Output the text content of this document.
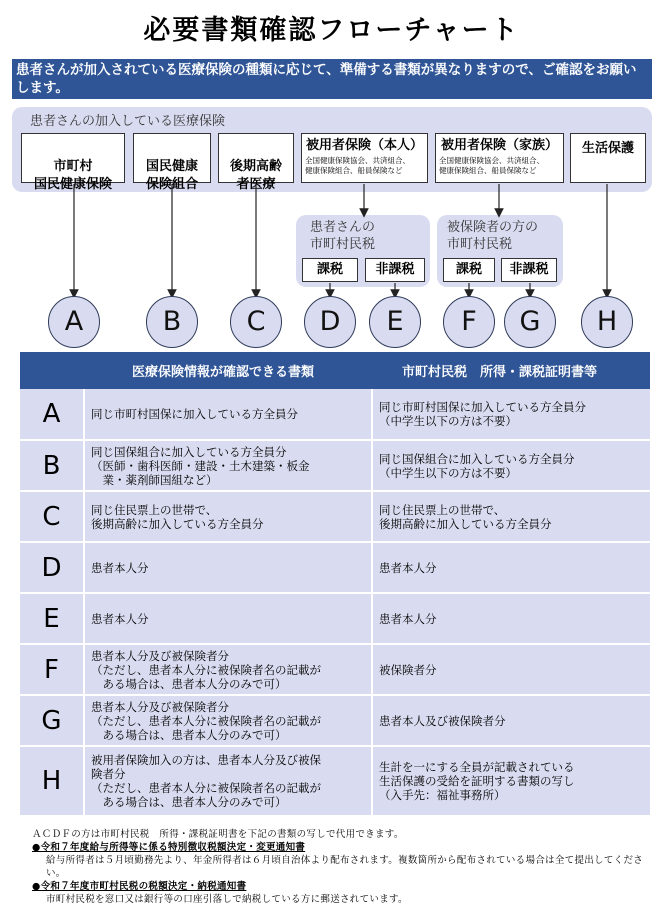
必要書類確認フローチャート
患者さんが加入されている医療保険の種類に応じて、準備する書類が異なりますので、ご確認をお願いします。
患者さんの加入している医療保険

市町村
国民健康保険

国民健康
保険組合

後期高齢
者医療

被用者保険（本人）
全国健康保険協会、共済組合、
健康保険組合、船員保険など
被用者保険（家族）
全国健康保険協会、共済組合、
健康保険組合、船員保険など
生活保護
患者さんの
市町村民税
課税	非課税
被保険者の方の
市町村民税
課税	非課税
A	B	C	D	E	F	G	H
	医療保険情報が確認できる書類	市町村民税　所得・課税証明書等
A	同じ市町村国保に加入している方全員分	同じ市町村国保に加入している方全員分
（中学生以下の方は不要）
B	同じ国保組合に加入している方全員分
（医師・歯科医師・建設・土木建築・板金
　業・薬剤師国組など）	同じ国保組合に加入している方全員分
（中学生以下の方は不要）
C	同じ住民票上の世帯で、
後期高齢に加入している方全員分	同じ住民票上の世帯で、
後期高齢に加入している方全員分
D	患者本人分	患者本人分
E	患者本人分	患者本人分
F	患者本人分及び被保険者分
（ただし、患者本人分に被保険者名の記載が
　ある場合は、患者本人分のみで可）	被保険者分
G	患者本人分及び被保険者分
（ただし、患者本人分に被保険者名の記載が
　ある場合は、患者本人分のみで可）	患者本人及び被保険者分
H	被用者保険加入の方は、患者本人分及び被保
険者分
（ただし、患者本人分に被保険者名の記載が
　ある場合は、患者本人分のみで可）	生計を一にする全員が記載されている
生活保護の受給を証明する書類の写し
（入手先：福祉事務所）
ＡＣＤＦの方は市町村民税　所得・課税証明書を下記の書類の写しで代用できます。
●令和７年度給与所得等に係る特別徴収税額決定・変更通知書
給与所得者は５月頃勤務先より、年金所得者は６月頃自治体より配布されます。複数箇所から配布されている場合は全て提出してください。
●令和７年度市町村民税の税額決定・納税通知書
市町村民税を窓口又は銀行等の口座引落しで納税している方に郵送されています。
